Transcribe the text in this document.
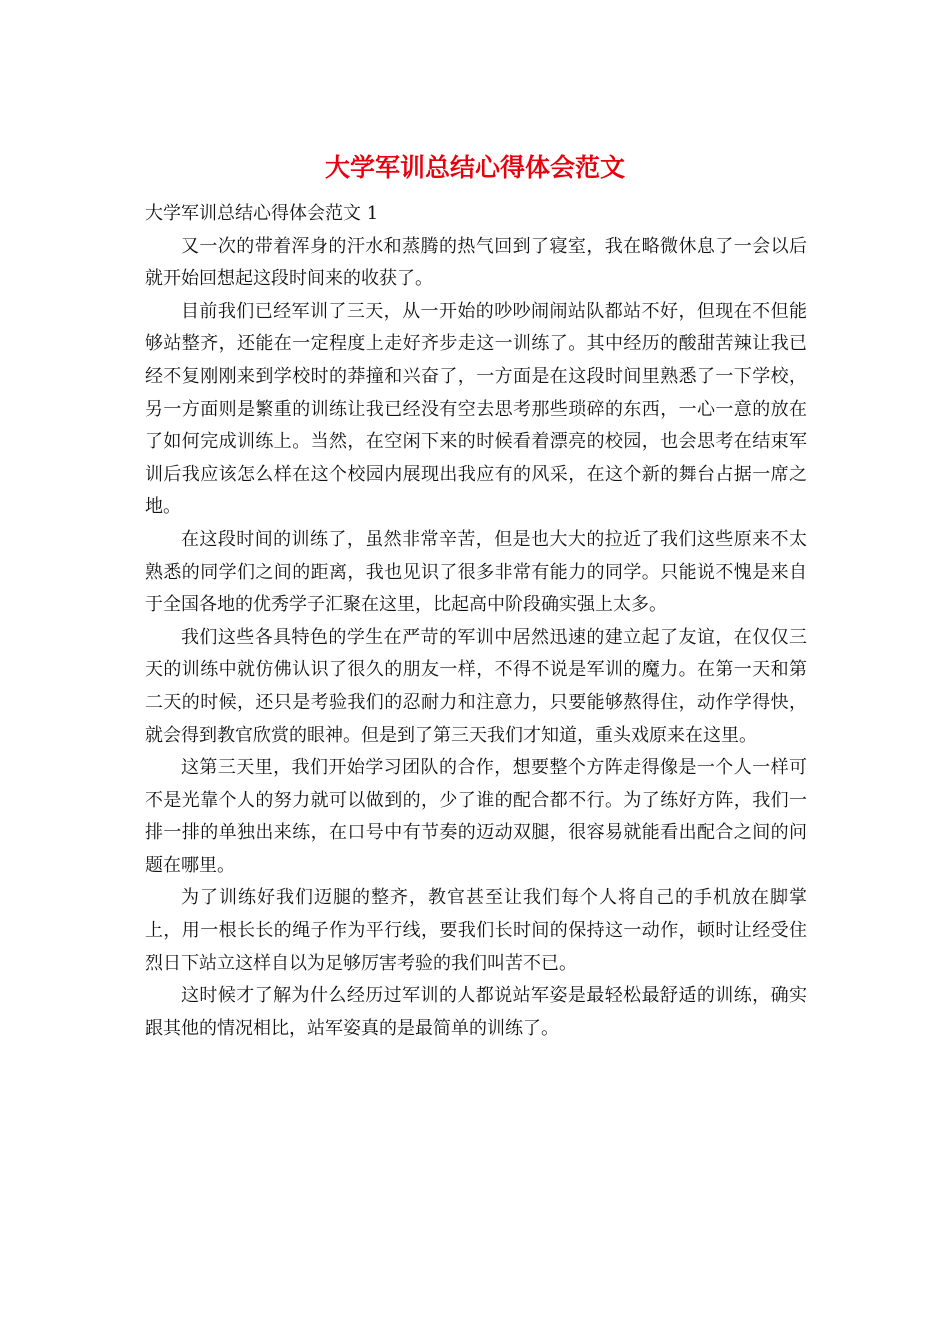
大学军训总结心得体会范文

大学军训总结心得体会范文 1

又一次的带着浑身的汗水和蒸腾的热气回到了寝室，我在略微休息了一会以后就开始回想起这段时间来的收获了。

目前我们已经军训了三天，从一开始的吵吵闹闹站队都站不好，但现在不但能够站整齐，还能在一定程度上走好齐步走这一训练了。其中经历的酸甜苦辣让我已经不复刚刚来到学校时的莽撞和兴奋了，一方面是在这段时间里熟悉了一下学校，另一方面则是繁重的训练让我已经没有空去思考那些琐碎的东西，一心一意的放在了如何完成训练上。当然，在空闲下来的时候看着漂亮的校园，也会思考在结束军训后我应该怎么样在这个校园内展现出我应有的风采，在这个新的舞台占据一席之地。

在这段时间的训练了，虽然非常辛苦，但是也大大的拉近了我们这些原来不太熟悉的同学们之间的距离，我也见识了很多非常有能力的同学。只能说不愧是来自于全国各地的优秀学子汇聚在这里，比起高中阶段确实强上太多。

我们这些各具特色的学生在严苛的军训中居然迅速的建立起了友谊，在仅仅三天的训练中就仿佛认识了很久的朋友一样，不得不说是军训的魔力。在第一天和第二天的时候，还只是考验我们的忍耐力和注意力，只要能够熬得住，动作学得快，就会得到教官欣赏的眼神。但是到了第三天我们才知道，重头戏原来在这里。

这第三天里，我们开始学习团队的合作，想要整个方阵走得像是一个人一样可不是光靠个人的努力就可以做到的，少了谁的配合都不行。为了练好方阵，我们一排一排的单独出来练，在口号中有节奏的迈动双腿，很容易就能看出配合之间的问题在哪里。

为了训练好我们迈腿的整齐，教官甚至让我们每个人将自己的手机放在脚掌上，用一根长长的绳子作为平行线，要我们长时间的保持这一动作，顿时让经受住烈日下站立这样自以为足够厉害考验的我们叫苦不已。

这时候才了解为什么经历过军训的人都说站军姿是最轻松最舒适的训练，确实跟其他的情况相比，站军姿真的是最简单的训练了。
